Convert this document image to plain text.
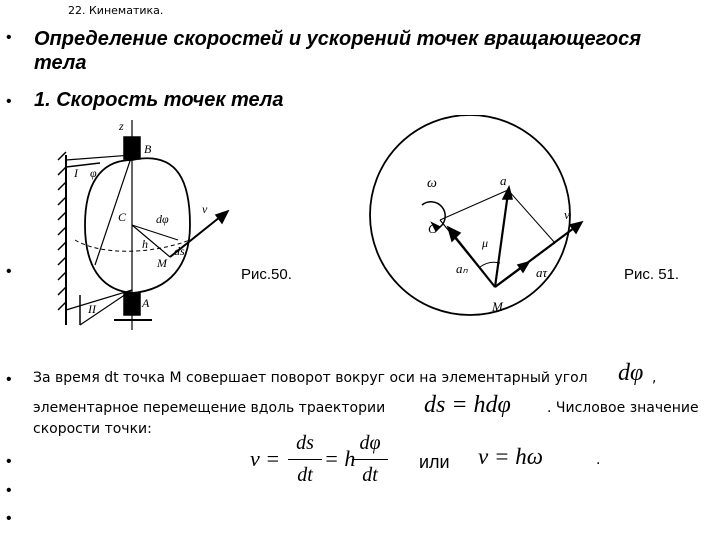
22. Кинематика.
• Определение скоростей и ускорений точек вращающегося
тела
• 1. Скорость точек тела
•
z
B
I φ
C dφ
v
h
M
ds
II	A
Рис.50.
ω	a
C
μ
v
aₙ	aτ
M
Рис. 51.
• За время dt точка М совершает поворот вокруг оси на элементарный угол dφ ,
элементарное перемещение вдоль траектории ds = hdφ	. Числовое значение
скорости точки:
•
•
•
v =
ds
dt
= h
dφ
dt
или v = hω	.
